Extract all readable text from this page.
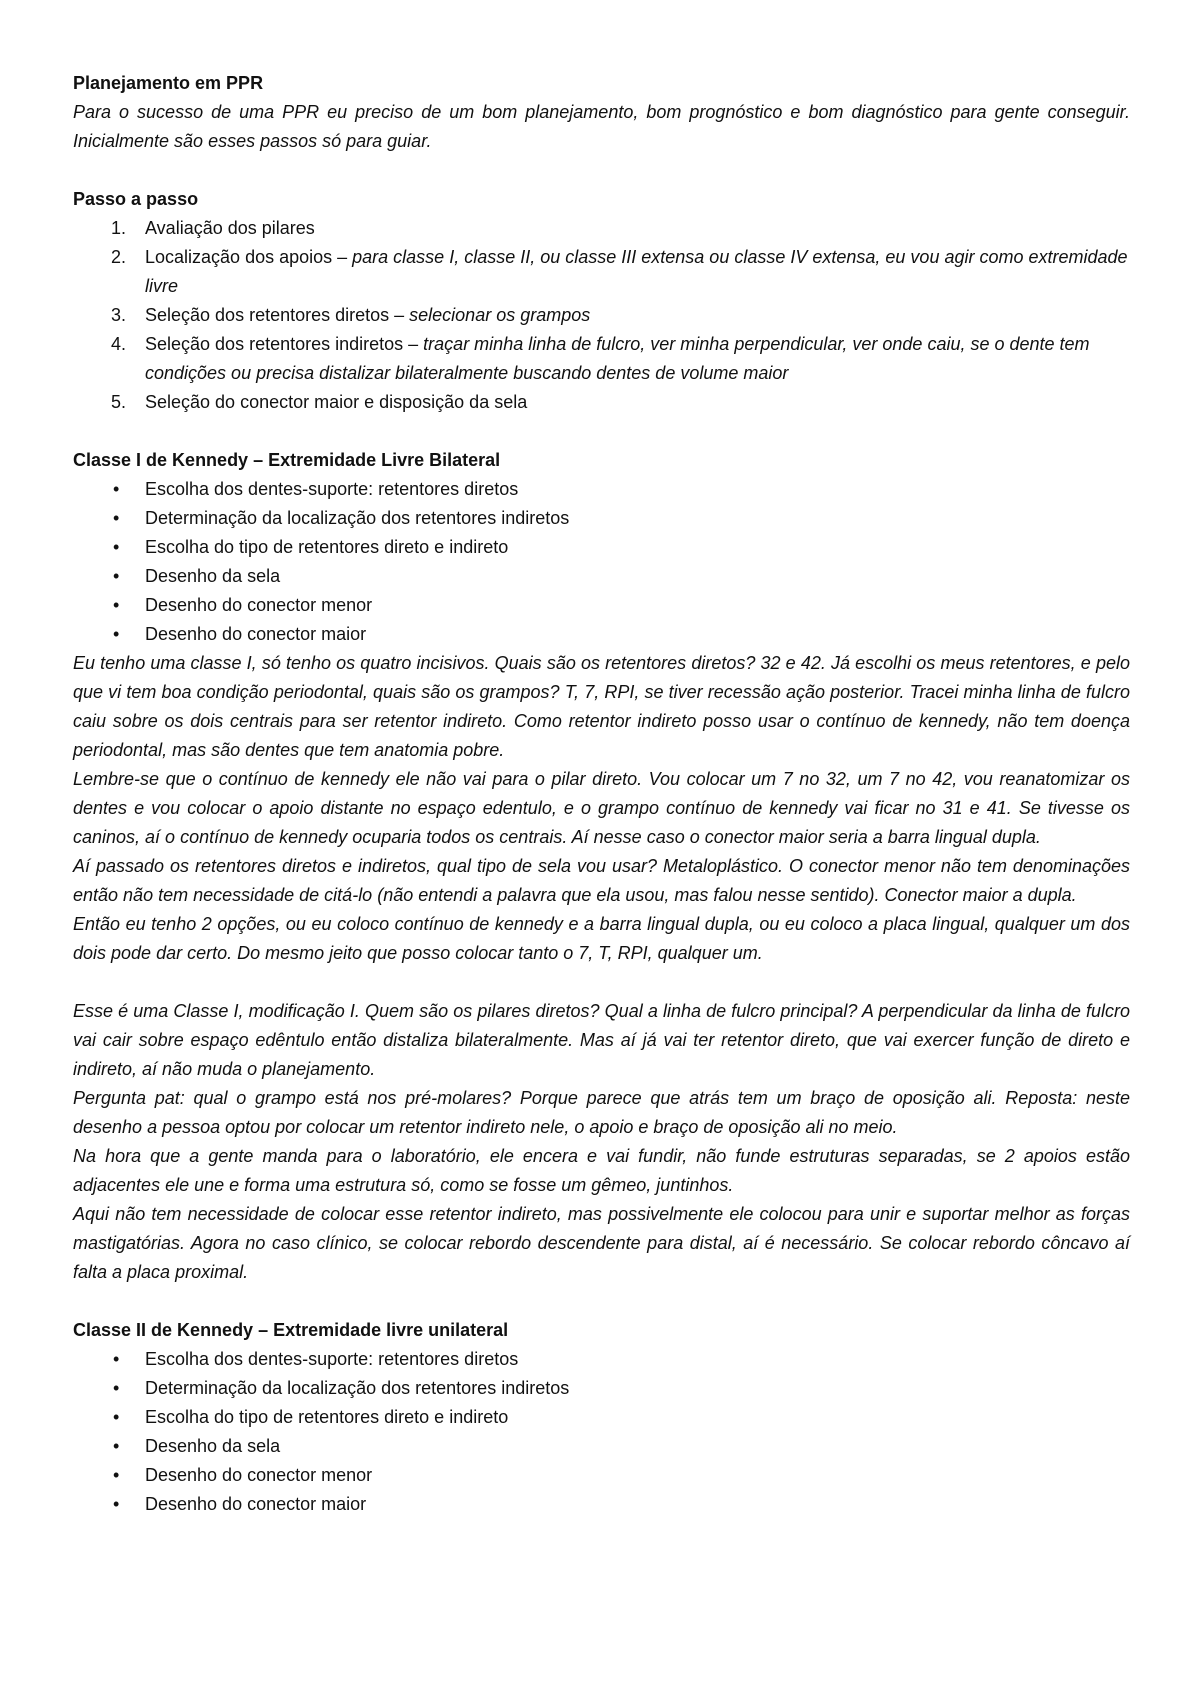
Planejamento em PPR

Para o sucesso de uma PPR eu preciso de um bom planejamento, bom prognóstico e bom diagnóstico para gente conseguir. Inicialmente são esses passos só para guiar.

Passo a passo

1. Avaliação dos pilares
2. Localização dos apoios – para classe I, classe II, ou classe III extensa ou classe IV extensa, eu vou agir como extremidade livre
3. Seleção dos retentores diretos – selecionar os grampos
4. Seleção dos retentores indiretos – traçar minha linha de fulcro, ver minha perpendicular, ver onde caiu, se o dente tem condições ou precisa distalizar bilateralmente buscando dentes de volume maior
5. Seleção do conector maior e disposição da sela

Classe I de Kennedy – Extremidade Livre Bilateral

• Escolha dos dentes-suporte: retentores diretos
• Determinação da localização dos retentores indiretos
• Escolha do tipo de retentores direto e indireto
• Desenho da sela
• Desenho do conector menor
• Desenho do conector maior

Eu tenho uma classe I, só tenho os quatro incisivos. Quais são os retentores diretos? 32 e 42. Já escolhi os meus retentores, e pelo que vi tem boa condição periodontal, quais são os grampos? T, 7, RPI, se tiver recessão ação posterior. Tracei minha linha de fulcro caiu sobre os dois centrais para ser retentor indireto. Como retentor indireto posso usar o contínuo de kennedy, não tem doença periodontal, mas são dentes que tem anatomia pobre.

Lembre-se que o contínuo de kennedy ele não vai para o pilar direto. Vou colocar um 7 no 32, um 7 no 42, vou reanatomizar os dentes e vou colocar o apoio distante no espaço edentulo, e o grampo contínuo de kennedy vai ficar no 31 e 41. Se tivesse os caninos, aí o contínuo de kennedy ocuparia todos os centrais. Aí nesse caso o conector maior seria a barra lingual dupla.

Aí passado os retentores diretos e indiretos, qual tipo de sela vou usar? Metaloplástico. O conector menor não tem denominações então não tem necessidade de citá-lo (não entendi a palavra que ela usou, mas falou nesse sentido). Conector maior a dupla.

Então eu tenho 2 opções, ou eu coloco contínuo de kennedy e a barra lingual dupla, ou eu coloco a placa lingual, qualquer um dos dois pode dar certo. Do mesmo jeito que posso colocar tanto o 7, T, RPI, qualquer um.

Esse é uma Classe I, modificação I. Quem são os pilares diretos? Qual a linha de fulcro principal? A perpendicular da linha de fulcro vai cair sobre espaço edêntulo então distaliza bilateralmente. Mas aí já vai ter retentor direto, que vai exercer função de direto e indireto, aí não muda o planejamento.

Pergunta pat: qual o grampo está nos pré-molares? Porque parece que atrás tem um braço de oposição ali. Reposta: neste desenho a pessoa optou por colocar um retentor indireto nele, o apoio e braço de oposição ali no meio.

Na hora que a gente manda para o laboratório, ele encera e vai fundir, não funde estruturas separadas, se 2 apoios estão adjacentes ele une e forma uma estrutura só, como se fosse um gêmeo, juntinhos.

Aqui não tem necessidade de colocar esse retentor indireto, mas possivelmente ele colocou para unir e suportar melhor as forças mastigatórias. Agora no caso clínico, se colocar rebordo descendente para distal, aí é necessário. Se colocar rebordo côncavo aí falta a placa proximal.

Classe II de Kennedy – Extremidade livre unilateral

• Escolha dos dentes-suporte: retentores diretos
• Determinação da localização dos retentores indiretos
• Escolha do tipo de retentores direto e indireto
• Desenho da sela
• Desenho do conector menor
• Desenho do conector maior
